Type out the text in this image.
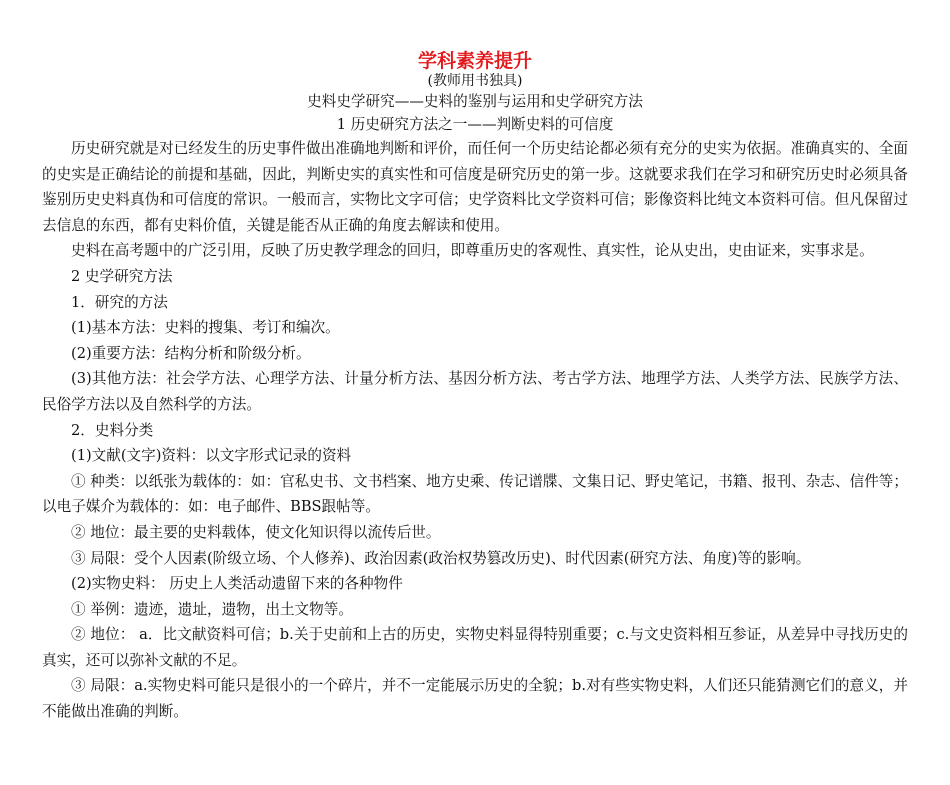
学科素养提升
(教师用书独具)
史料史学研究——史料的鉴别与运用和史学研究方法
1 历史研究方法之一——判断史料的可信度

历史研究就是对已经发生的历史事件做出准确地判断和评价，而任何一个历史结论都必须有充分的史实为依据。准确真实的、全面的史实是正确结论的前提和基础，因此，判断史实的真实性和可信度是研究历史的第一步。这就要求我们在学习和研究历史时必须具备鉴别历史史料真伪和可信度的常识。一般而言，实物比文字可信；史学资料比文学资料可信；影像资料比纯文本资料可信。但凡保留过去信息的东西，都有史料价值，关键是能否从正确的角度去解读和使用。

史料在高考题中的广泛引用，反映了历史教学理念的回归，即尊重历史的客观性、真实性，论从史出，史由证来，实事求是。

2 史学研究方法

1．研究的方法

(1)基本方法：史料的搜集、考订和编次。

(2)重要方法：结构分析和阶级分析。

(3)其他方法：社会学方法、心理学方法、计量分析方法、基因分析方法、考古学方法、地理学方法、人类学方法、民族学方法、民俗学方法以及自然科学的方法。

2．史料分类

(1)文献(文字)资料：以文字形式记录的资料

① 种类：以纸张为载体的：如：官私史书、文书档案、地方史乘、传记谱牒、文集日记、野史笔记，书籍、报刊、杂志、信件等；以电子媒介为载体的：如：电子邮件、BBS跟帖等。

② 地位：最主要的史料载体，使文化知识得以流传后世。

③ 局限：受个人因素(阶级立场、个人修养)、政治因素(政治权势篡改历史)、时代因素(研究方法、角度)等的影响。

(2)实物史料： 历史上人类活动遗留下来的各种物件

① 举例：遗迹，遗址，遗物，出土文物等。

② 地位： a．比文献资料可信；b.关于史前和上古的历史，实物史料显得特别重要；c.与文史资料相互参证，从差异中寻找历史的真实，还可以弥补文献的不足。

③ 局限：a.实物史料可能只是很小的一个碎片，并不一定能展示历史的全貌；b.对有些实物史料，人们还只能猜测它们的意义，并不能做出准确的判断。
